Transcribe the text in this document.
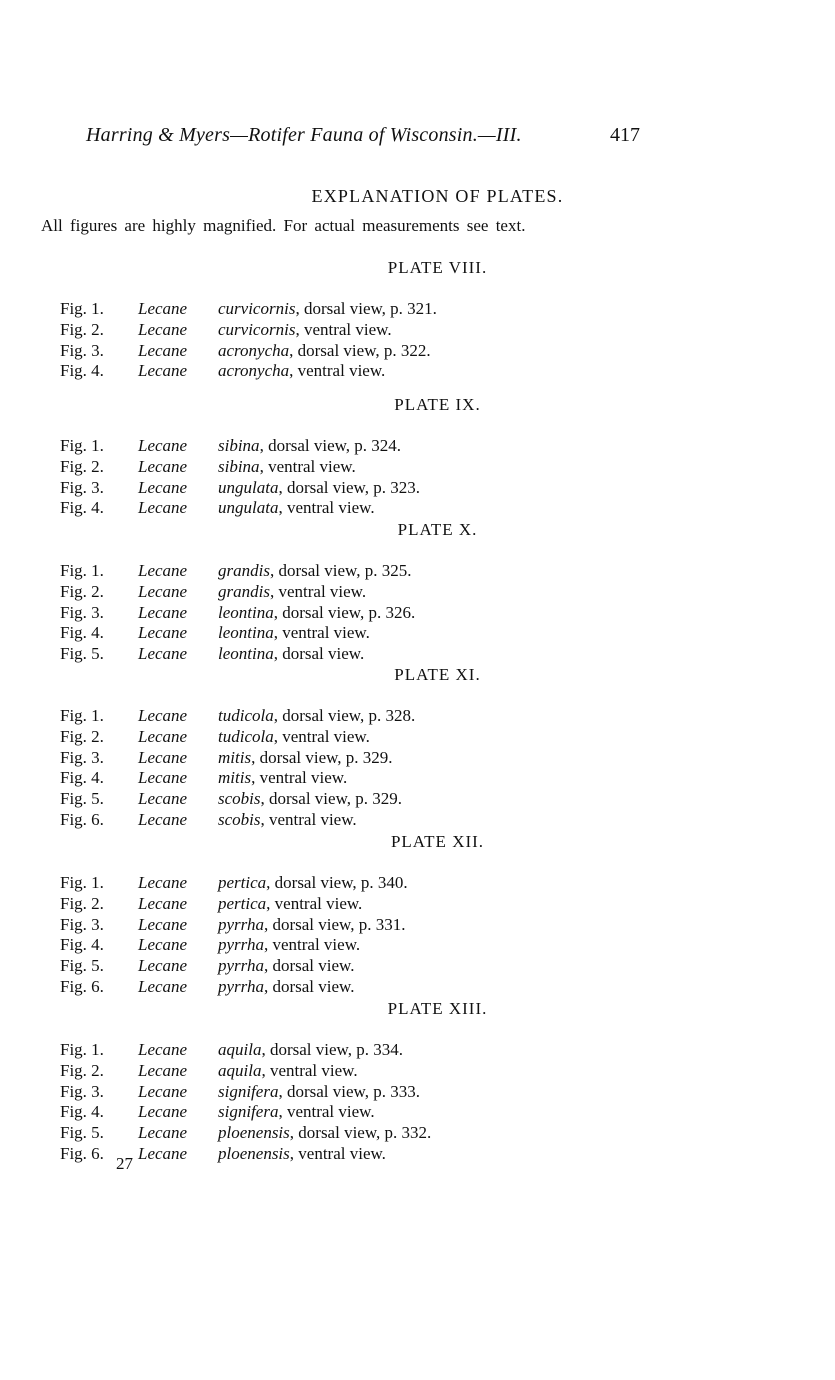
Harring & Myers—Rotifer Fauna of Wisconsin.—III.	417
EXPLANATION OF PLATES.
All figures are highly magnified. For actual measurements see text.
PLATE VIII.
Fig. 1.	Lecane curvicornis, dorsal view, p. 321.
Fig. 2.	Lecane curvicornis, ventral view.
Fig. 3.	Lecane acronycha, dorsal view, p. 322.
Fig. 4.	Lecane acronycha, ventral view.
PLATE IX.
Fig. 1.	Lecane sibina, dorsal view, p. 324.
Fig. 2.	Lecane sibina, ventral view.
Fig. 3.	Lecane ungulata, dorsal view, p. 323.
Fig. 4.	Lecane ungulata, ventral view.
PLATE X.
Fig. 1.	Lecane grandis, dorsal view, p. 325.
Fig. 2.	Lecane grandis, ventral view.
Fig. 3.	Lecane leontina, dorsal view, p. 326.
Fig. 4.	Lecane leontina, ventral view.
Fig. 5.	Lecane leontina, dorsal view.
PLATE XI.
Fig. 1.	Lecane tudicola, dorsal view, p. 328.
Fig. 2.	Lecane tudicola, ventral view.
Fig. 3.	Lecane mitis, dorsal view, p. 329.
Fig. 4.	Lecane mitis, ventral view.
Fig. 5.	Lecane scobis, dorsal view, p. 329.
Fig. 6.	Lecane scobis, ventral view.
PLATE XII.
Fig. 1.	Lecane pertica, dorsal view, p. 340.
Fig. 2.	Lecane pertica, ventral view.
Fig. 3.	Lecane pyrrha, dorsal view, p. 331.
Fig. 4.	Lecane pyrrha, ventral view.
Fig. 5.	Lecane pyrrha, dorsal view.
Fig. 6.	Lecane pyrrha, dorsal view.
PLATE XIII.
Fig. 1.	Lecane aquila, dorsal view, p. 334.
Fig. 2.	Lecane aquila, ventral view.
Fig. 3.	Lecane signifera, dorsal view, p. 333.
Fig. 4.	Lecane signifera, ventral view.
Fig. 5.	Lecane ploenensis, dorsal view, p. 332.
Fig. 6.	Lecane ploenensis, ventral view.
27
